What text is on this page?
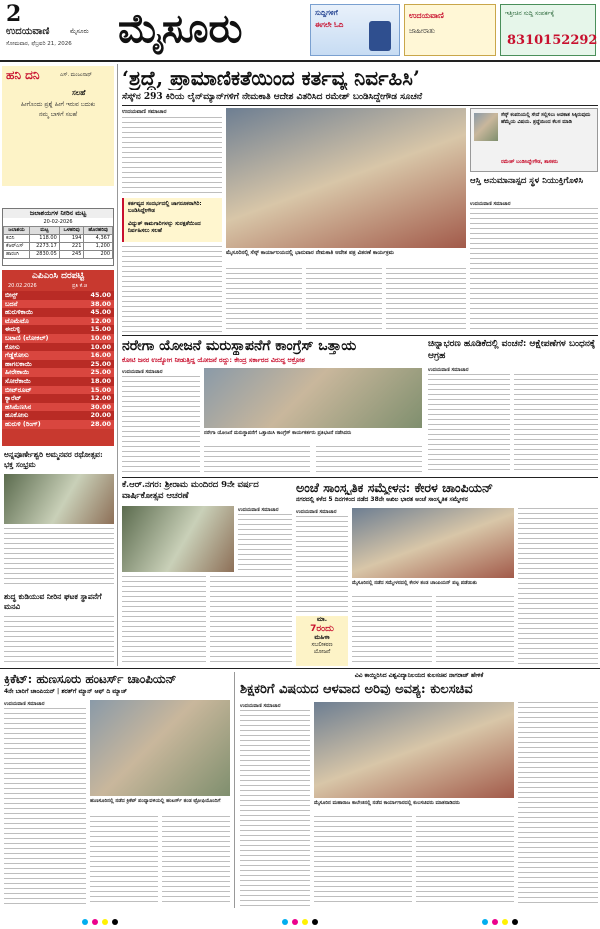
2
ಉದಯವಾಣಿ	ಮೈಸೂರು
ಸೋಮವಾರ, ಫೆಬ್ರವರಿ 21, 2026 ಮೈಸೂರು	ಸುದ್ದಿಗಳಿಗೆ
ಈಗಲೇ ಓದಿ
ಉದಯವಾಣಿ
ಜಾಹೀರಾತು
ಇತ್ತೀಚಿನ ಸುದ್ದಿ ಸಂಪರ್ಕಕ್ಕೆ
8310152292
ಹನಿ ದನಿ	ಎಸ್. ಮಂಜುನಾಥ್
ಸಲಹೆ
ಹೀಗೊಂದು ಪ್ರಶ್ನೆ ಹೀಗೆ ಇರುವ ಬದುಕು ನಮ್ಮ ಬಾಳಿಗೆ ಸಲಹೆ
ಜಲಾಶಯಗಳ ನೀರಿನ ಮಟ್ಟ
20-02-2026
ಜಲಾಶಯ	ಮಟ್ಟ	ಒಳಹರಿವು	ಹೊರಹರಿವು
ಕಬಿನಿ	118.00	194	4,367
ಕೆಆರ್‌ಎಸ್	2273.17	221	1,200
ಹಾರಂಗಿ	2830.05	245	200
ಎಪಿಎಂಸಿ ದರಪಟ್ಟಿ
20.02.2026	ಪ್ರತಿ ಕೆ.ಜಿ
ಬೀನ್ಸ್	45.00
ಬದನೆ	38.00
ಹುರುಳಿಕಾಯಿ	45.00
ಟೊಮೆಟೊ	12.00
ಈರುಳ್ಳಿ	15.00
ಬಟಾಣಿ (ಲೋಕಲ್)	10.00
ಕೋಸು	10.00
ಗೆಡ್ಡೆಕೋಸು	16.00
ಹಾಗಲಕಾಯಿ	25.00
ಹೀರೇಕಾಯಿ	25.00
ಸೋರೆಕಾಯಿ	18.00
ಬೀಟ್‌ರೂಟ್	15.00
ಕ್ಯಾರೆಟ್	12.00
ಹಸಿಮೆಣಸಿನ	30.00
ಹೂಕೋಸು	20.00
ಹುರುಳಿ (ರಿಂಗ್)	28.00
ಅನ್ನಪೂರ್ಣೇಶ್ವರಿ ಅಮ್ಮನವರ ರಥೋತ್ಸವ: ಭಕ್ತ ಸಂಭ್ರಮ
ಶುದ್ಧ ಕುಡಿಯುವ ನೀರಿನ ಘಟಕ ಸ್ಥಾಪನೆಗೆ ಮನವಿ
‘ಶ್ರದ್ಧೆ, ಪ್ರಾಮಾಣಿಕತೆಯಿಂದ ಕರ್ತವ್ಯ ನಿರ್ವಹಿಸಿ’
ಸೆಸ್ಕ್‌ನ 293 ಕಿರಿಯ ಲೈನ್‌ಮ್ಯಾನ್‌ಗಳಿಗೆ ನೇಮಕಾತಿ ಆದೇಶ ವಿತರಿಸಿದ ರಮೇಶ್ ಬಂಡಿಸಿದ್ದೇಗೌಡ ಸೂಚನೆ
ಉದಯವಾಣಿ ಸಮಾಚಾರ
ಕರ್ತವ್ಯದ ಸಂದರ್ಭದಲ್ಲಿ ಜಾಗರೂಕರಾಗಿರಿ: ಬಂಡಿಸಿದ್ದೇಗೌಡ
ವಿದ್ಯುತ್ ಕಾಮಗಾರಿಗಳನ್ನು ಸುರಕ್ಷತೆಯಿಂದ ನಿರ್ವಹಿಸಲು ಸಲಹೆ
ಮೈಸೂರಿನಲ್ಲಿ ಸೆಸ್ಕ್ ಕಾರ್ಯಾಲಯದಲ್ಲಿ ಭಾನುವಾರ ನೇಮಕಾತಿ ಆದೇಶ ಪತ್ರ ವಿತರಣೆ ಕಾರ್ಯಕ್ರಮ
ಸೆಸ್ಕ್ ಕಂಪನಿಯಲ್ಲಿ ಸೇವೆ ಸಲ್ಲಿಸಲು ಅವಕಾಶ ಸಿಕ್ಕಿರುವುದು ಹೆಮ್ಮೆಯ ವಿಷಯ. ಶ್ರದ್ಧೆಯಿಂದ ಕೆಲಸ ಮಾಡಿ
ರಮೇಶ್ ಬಂಡಿಸಿದ್ದೇಗೌಡ, ಶಾಸಕರು
ಆಸ್ತಿ ಅನುಮಾನಾಸ್ಪದ ಸ್ಥಳ ನಿಯುಕ್ತಿಗೊಳಿಸಿ
ಉದಯವಾಣಿ ಸಮಾಚಾರ
ನರೇಗಾ ಯೋಜನೆ ಮರುಸ್ಥಾಪನೆಗೆ ಕಾಂಗ್ರೆಸ್ ಒತ್ತಾಯ
ಕೋಟಿ ಜನರ ಉದ್ಯೋಗ ನೀಡುತ್ತಿದ್ದ ಯೋಜನೆ ರದ್ದು: ಕೇಂದ್ರ ಸರ್ಕಾರದ ವಿರುದ್ಧ ಆಕ್ರೋಶ
ಉದಯವಾಣಿ ಸಮಾಚಾರ
ನರೇಗಾ ಯೋಜನೆ ಮರುಸ್ಥಾಪನೆಗೆ ಒತ್ತಾಯಿಸಿ ಕಾಂಗ್ರೆಸ್ ಕಾರ್ಯಕರ್ತರು ಪ್ರತಿಭಟನೆ ನಡೆಸಿದರು
ಚಿನ್ನಾಭರಣ ಹೂಡಿಕೆದಲ್ಲಿ ವಂಚನೆ: ಆಕ್ಷೇಪಣೆಗಳ ಬಂಧನಕ್ಕೆ ಆಗ್ರಹ
ಉದಯವಾಣಿ ಸಮಾಚಾರ
ಕೆ.ಆರ್.ನಗರ: ಶ್ರೀರಾಮ ಮಂದಿರದ 9ನೇ ವರ್ಷದ ವಾರ್ಷಿಕೋತ್ಸವ ಆಚರಣೆ
ಉದಯವಾಣಿ ಸಮಾಚಾರ
ಅಂಚೆ ಸಾಂಸ್ಕೃತಿಕ ಸಮ್ಮೇಳನ: ಕೇರಳ ಚಾಂಪಿಯನ್
ನಗರದಲ್ಲಿ ಕಳೆದ 5 ದಿನಗಳಿಂದ ನಡೆದ 38ನೇ ಅಖಿಲ ಭಾರತ ಅಂಚೆ ಸಾಂಸ್ಕೃತಿಕ ಸಮ್ಮೇಳನ
ಉದಯವಾಣಿ ಸಮಾಚಾರ
ಮೈಸೂರಿನಲ್ಲಿ ನಡೆದ ಸಮ್ಮೇಳನದಲ್ಲಿ ಕೇರಳ ತಂಡ ಚಾಂಪಿಯನ್ ಪಟ್ಟ ಪಡೆಯಿತು
ಮಾ.
7ರಂದು
ಮಹಿಳಾ
ಸಬಲೀಕರಣ
ಯೋಜನೆ
ಕ್ರಿಕೆಟ್: ಹುಣಸೂರು ಹಂಟರ್ಸ್ ಚಾಂಪಿಯನ್
4ನೇ ಬಾರಿಗೆ ಚಾಂಪಿಯನ್ | ಶರತ್‌ಗೆ ಮ್ಯಾನ್ ಆಫ್ ದಿ ಮ್ಯಾಚ್
ಉದಯವಾಣಿ ಸಮಾಚಾರ
ಹುಣಸೂರಿನಲ್ಲಿ ನಡೆದ ಕ್ರಿಕೆಟ್ ಪಂದ್ಯಾವಳಿಯಲ್ಲಿ ಹಂಟರ್ಸ್ ತಂಡ ಟ್ರೋಫಿಯೊಂದಿಗೆ
ವಿವಿ ಕಾಯ್ದಿರಿಸಿದ ವಿಶ್ವವಿದ್ಯಾನಿಲಯದ ಕುಲಸಚಿವ ನಾಗರಾಜ್ ಹೇಳಿಕೆ
ಶಿಕ್ಷಕರಿಗೆ ವಿಷಯದ ಆಳವಾದ ಅರಿವು ಅವಶ್ಯ: ಕುಲಸಚಿವ
ಉದಯವಾಣಿ ಸಮಾಚಾರ
ಮೈಸೂರಿನ ಮಹಾರಾಜ ಕಾಲೇಜಿನಲ್ಲಿ ನಡೆದ ಕಾರ್ಯಾಗಾರದಲ್ಲಿ ಕುಲಸಚಿವರು ಮಾತನಾಡಿದರು
